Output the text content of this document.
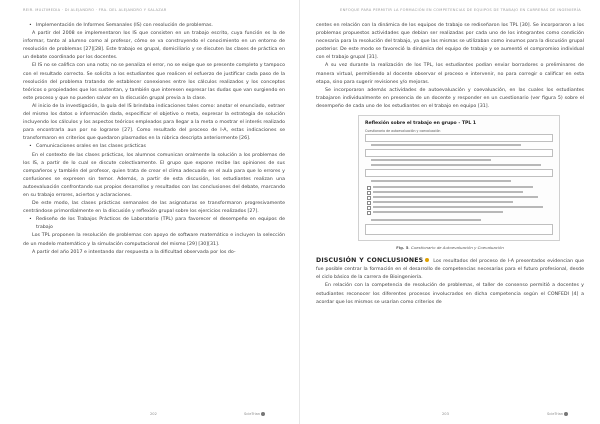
REIR. MULTIMEDIA · DI ALEJANDRO · FRA. DEL ALEJANDRO Y SALAZAR
• Implementación de Informes Semanales (IS) con resolución de problemas.

A partir del 2008 se implementaron los IS que consisten en un trabajo escrito, cuya función es la de informar, tanto al alumno como al profesor, cómo se va construyendo el conocimiento en un entorno de resolución de problemas [27][28]. Este trabajo es grupal, domiciliario y se discuten las clases de práctica en un debate coordinado por los docentes.

El IS no se califica con una nota; no se penaliza el error, no se exige que se presente completo y tampoco con el resultado correcto. Se solicita a los estudiantes que realicen el esfuerzo de justificar cada paso de la resolución del problema tratando de establecer conexiones entre los cálculos realizados y los conceptos teóricos o propiedades que los sustentan, y también que interesen expresar las dudas que van surgiendo en este proceso y que no pueden salvar en la discusión grupal previa a la clase.

Al inicio de la investigación, la guía del IS brindaba indicaciones tales como: anotar el enunciado, extraer del mismo los datos o información dada, especificar el objetivo o meta, expresar la estrategia de solución incluyendo los cálculos y los aspectos teóricos empleados para llegar a la meta o mostrar el interés realizado para encontrarla aun por no lograrse [27]. Como resultado del proceso de I-A, estas indicaciones se transformaron en criterios que quedaron plasmados en la rúbrica descripta anteriormente [26].

• Comunicaciones orales en las clases prácticas

En el contexto de las clases prácticas, los alumnos comunican oralmente la solución a los problemas de los IS, a partir de lo cual se discute colectivamente. El grupo que expone recibe las opiniones de sus compañeros y también del profesor, quien trata de crear el clima adecuado en el aula para que lo errores y confusiones se expresen sin temor. Además, a partir de esta discusión, los estudiantes realizan una autoevaluación confrontando sus propios desarrollos y resultados con las conclusiones del debate, marcando en su trabajo errores, aciertos y aclaraciones.

De este modo, las clases prácticas semanales de las asignaturas se transformaron progresivamente centrándose primordialmente en la discusión y reflexión grupal sobre los ejercicios realizados [27].

• Rediseño de los Trabajos Prácticos de Laboratorio (TPL) para favorecer el desempeño en equipos de trabajo

Los TPL proponen la resolución de problemas con apoyo de software matemático e incluyen la selección de un modelo matemático y la simulación computacional del mismo [29] [30][31].

A partir del año 2017 e intentando dar respuesta a la dificultad observada por los do-

202	ScieTrian
ENFOQUE PARA PERMITIR LA FORMACIÓN EN COMPETENCIAS DE EQUIPOS DE TRABAJO EN CARRERAS DE INGENIERÍA

centes en relación con la dinámica de los equipos de trabajo se rediseñaron los TPL [30]. Se incorporaron a los problemas propuestos actividades que debían ser realizadas por cada uno de los integrantes como condición necesaria para la resolución del trabajo, ya que las mismas se utilizaban como insumos para la discusión grupal posterior. De este modo se favoreció la dinámica del equipo de trabajo y se aumentó el compromiso individual con el trabajo grupal [31].

A su vez durante la realización de los TPL, los estudiantes podían enviar borradores o preliminares de manera virtual, permitiendo al docente observar el proceso e intervenir, no para corregir o calificar en esta etapa, sino para sugerir revisiones y/o mejoras.

Se incorporaron además actividades de autoevaluación y coevaluación, en las cuales los estudiantes trabajaron individualmente en presencia de un docente y responder en un cuestionario (ver figura 5) sobre el desempeño de cada uno de los estudiantes en el trabajo en equipo [31].

Reflexión sobre el trabajo en grupo - TPL 1
Cuestionario de autoevaluación y coevaluación
Fig. 5. Cuestionario de Autoevaluación y Coevaluación

DISCUSIÓN Y CONCLUSIONES Los resultados del proceso de I-A presentados evidencian que fue posible centrar la formación en el desarrollo de competencias necesarias para el futuro profesional, desde el ciclo básico de la carrera de Bioingeniería.

En relación con la competencia de resolución de problemas, el taller de consenso permitió a docentes y estudiantes reconocer los diferentes procesos involucrados en dicha competencia según el CONFEDI [4] a acordar que los mismos se usarían como criterios de

203	ScieTrian
